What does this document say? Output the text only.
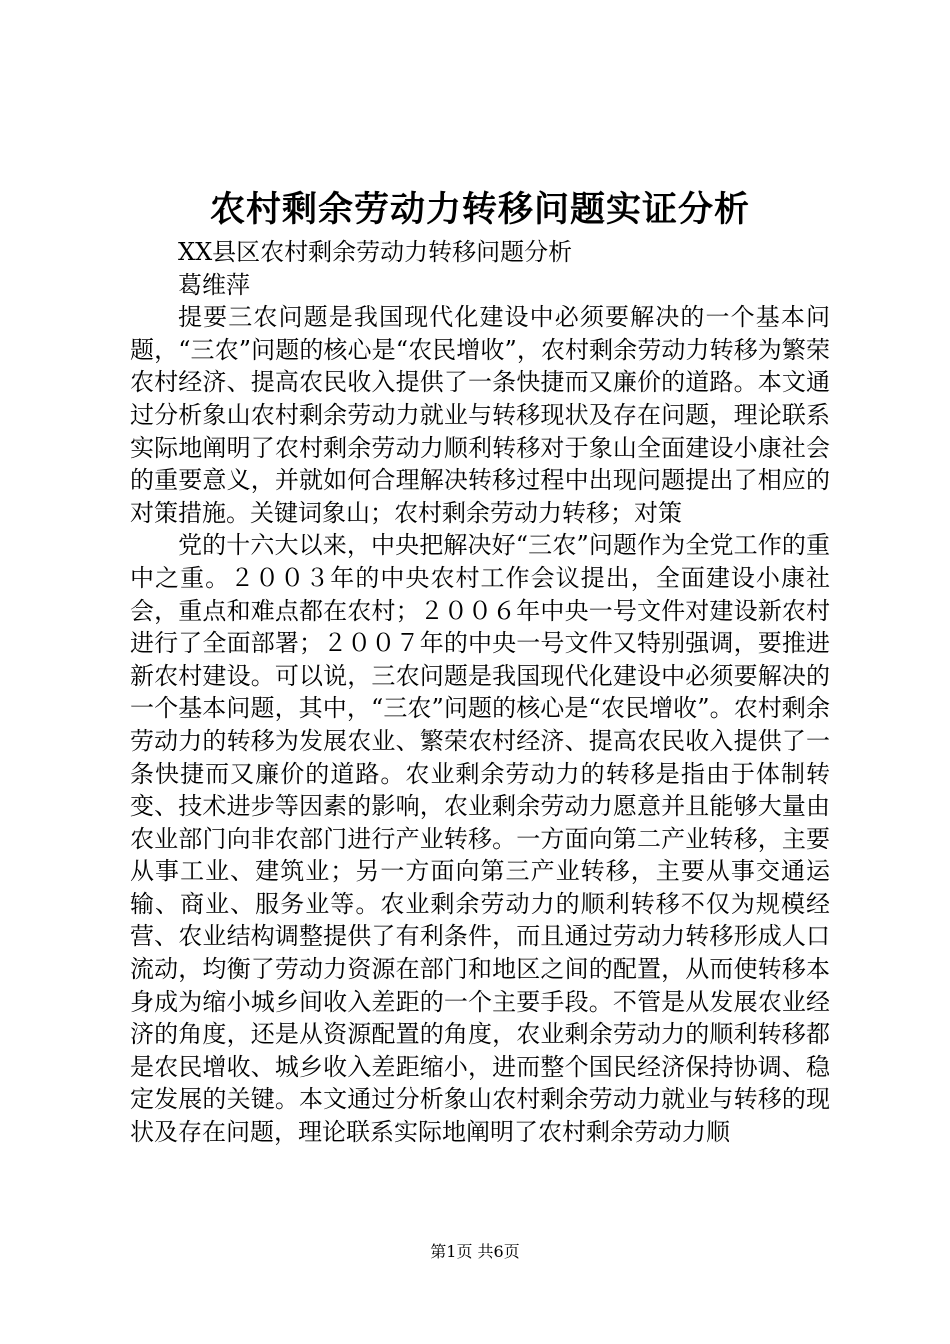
农村剩余劳动力转移问题实证分析

XX县区农村剩余劳动力转移问题分析

葛维萍

提要三农问题是我国现代化建设中必须要解决的一个基本问题，“三农”问题的核心是“农民增收”，农村剩余劳动力转移为繁荣农村经济、提高农民收入提供了一条快捷而又廉价的道路。本文通过分析象山农村剩余劳动力就业与转移现状及存在问题，理论联系实际地阐明了农村剩余劳动力顺利转移对于象山全面建设小康社会的重要意义，并就如何合理解决转移过程中出现问题提出了相应的对策措施。关键词象山；农村剩余劳动力转移；对策

党的十六大以来，中央把解决好“三农”问题作为全党工作的重中之重。２００３年的中央农村工作会议提出，全面建设小康社会，重点和难点都在农村；２００６年中央一号文件对建设新农村进行了全面部署；２００７年的中央一号文件又特别强调，要推进新农村建设。可以说，三农问题是我国现代化建设中必须要解决的一个基本问题，其中，“三农”问题的核心是“农民增收”。农村剩余劳动力的转移为发展农业、繁荣农村经济、提高农民收入提供了一条快捷而又廉价的道路。农业剩余劳动力的转移是指由于体制转变、技术进步等因素的影响，农业剩余劳动力愿意并且能够大量由农业部门向非农部门进行产业转移。一方面向第二产业转移，主要从事工业、建筑业；另一方面向第三产业转移，主要从事交通运输、商业、服务业等。农业剩余劳动力的顺利转移不仅为规模经营、农业结构调整提供了有利条件，而且通过劳动力转移形成人口流动，均衡了劳动力资源在部门和地区之间的配置，从而使转移本身成为缩小城乡间收入差距的一个主要手段。不管是从发展农业经济的角度，还是从资源配置的角度，农业剩余劳动力的顺利转移都是农民增收、城乡收入差距缩小，进而整个国民经济保持协调、稳定发展的关键。本文通过分析象山农村剩余劳动力就业与转移的现状及存在问题，理论联系实际地阐明了农村剩余劳动力顺

第1页 共6页
